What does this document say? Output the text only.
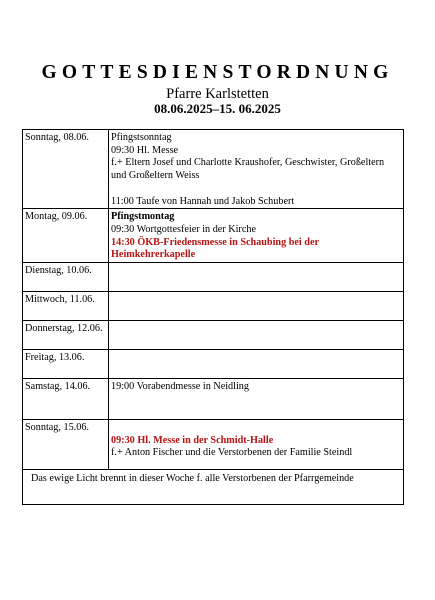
GOTTESDIENSTORDNUNG
Pfarre Karlstetten
08.06.2025–15. 06.2025
Sonntag, 08.06.	Pfingstsonntag
09:30 Hl. Messe
f.+ Eltern Josef und Charlotte Kraushofer, Geschwister, Großeltern
und Großeltern Weiss
11:00 Taufe von Hannah und Jakob Schubert

Montag, 09.06.	Pfingstmontag
09:30 Wortgottesfeier in der Kirche
14:30 ÖKB-Friedensmesse in Schaubing bei der
Heimkehrerkapelle

Dienstag, 10.06.	
Mittwoch, 11.06.	
Donnerstag, 12.06.	
Freitag, 13.06.	
Samstag, 14.06.	19:00 Vorabendmesse in Neidling

Sonntag, 15.06.	09:30 Hl. Messe in der Schmidt-Halle
f.+ Anton Fischer und die Verstorbenen der Familie Steindl

Das ewige Licht brennt in dieser Woche f. alle Verstorbenen der Pfarrgemeinde	
